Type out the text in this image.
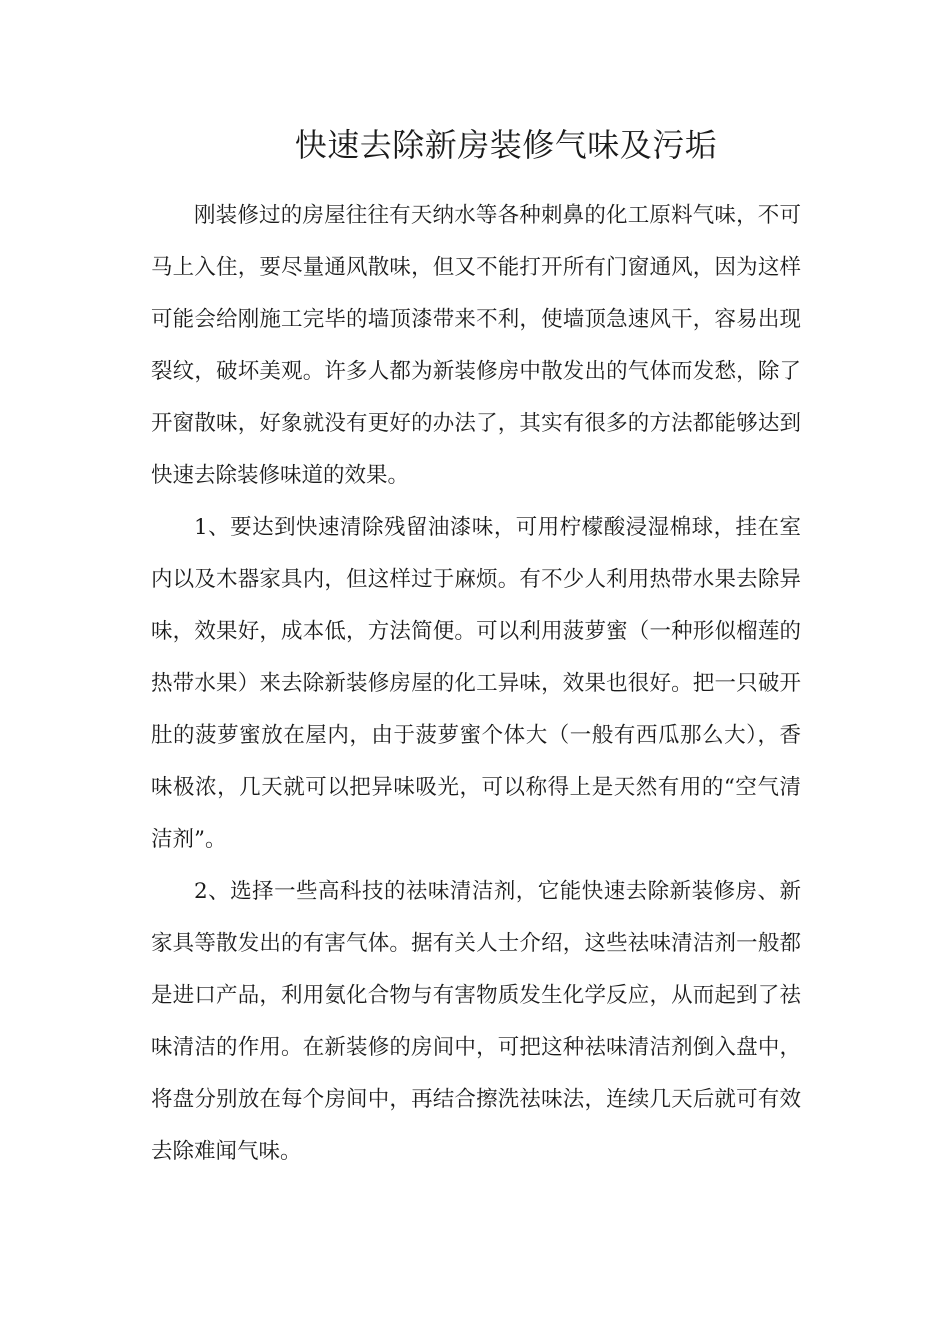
快速去除新房装修气味及污垢

刚装修过的房屋往往有天纳水等各种刺鼻的化工原料气味，不可马上入住，要尽量通风散味，但又不能打开所有门窗通风，因为这样可能会给刚施工完毕的墙顶漆带来不利，使墙顶急速风干，容易出现裂纹，破坏美观。许多人都为新装修房中散发出的气体而发愁，除了开窗散味，好象就没有更好的办法了，其实有很多的方法都能够达到快速去除装修味道的效果。

1、要达到快速清除残留油漆味，可用柠檬酸浸湿棉球，挂在室内以及木器家具内，但这样过于麻烦。有不少人利用热带水果去除异味，效果好，成本低，方法简便。可以利用菠萝蜜（一种形似榴莲的热带水果）来去除新装修房屋的化工异味，效果也很好。把一只破开肚的菠萝蜜放在屋内，由于菠萝蜜个体大（一般有西瓜那么大），香味极浓，几天就可以把异味吸光，可以称得上是天然有用的“空气清洁剂”。

2、选择一些高科技的祛味清洁剂，它能快速去除新装修房、新家具等散发出的有害气体。据有关人士介绍，这些祛味清洁剂一般都是进口产品，利用氨化合物与有害物质发生化学反应，从而起到了祛味清洁的作用。在新装修的房间中，可把这种祛味清洁剂倒入盘中，将盘分别放在每个房间中，再结合擦洗祛味法，连续几天后就可有效去除难闻气味。
